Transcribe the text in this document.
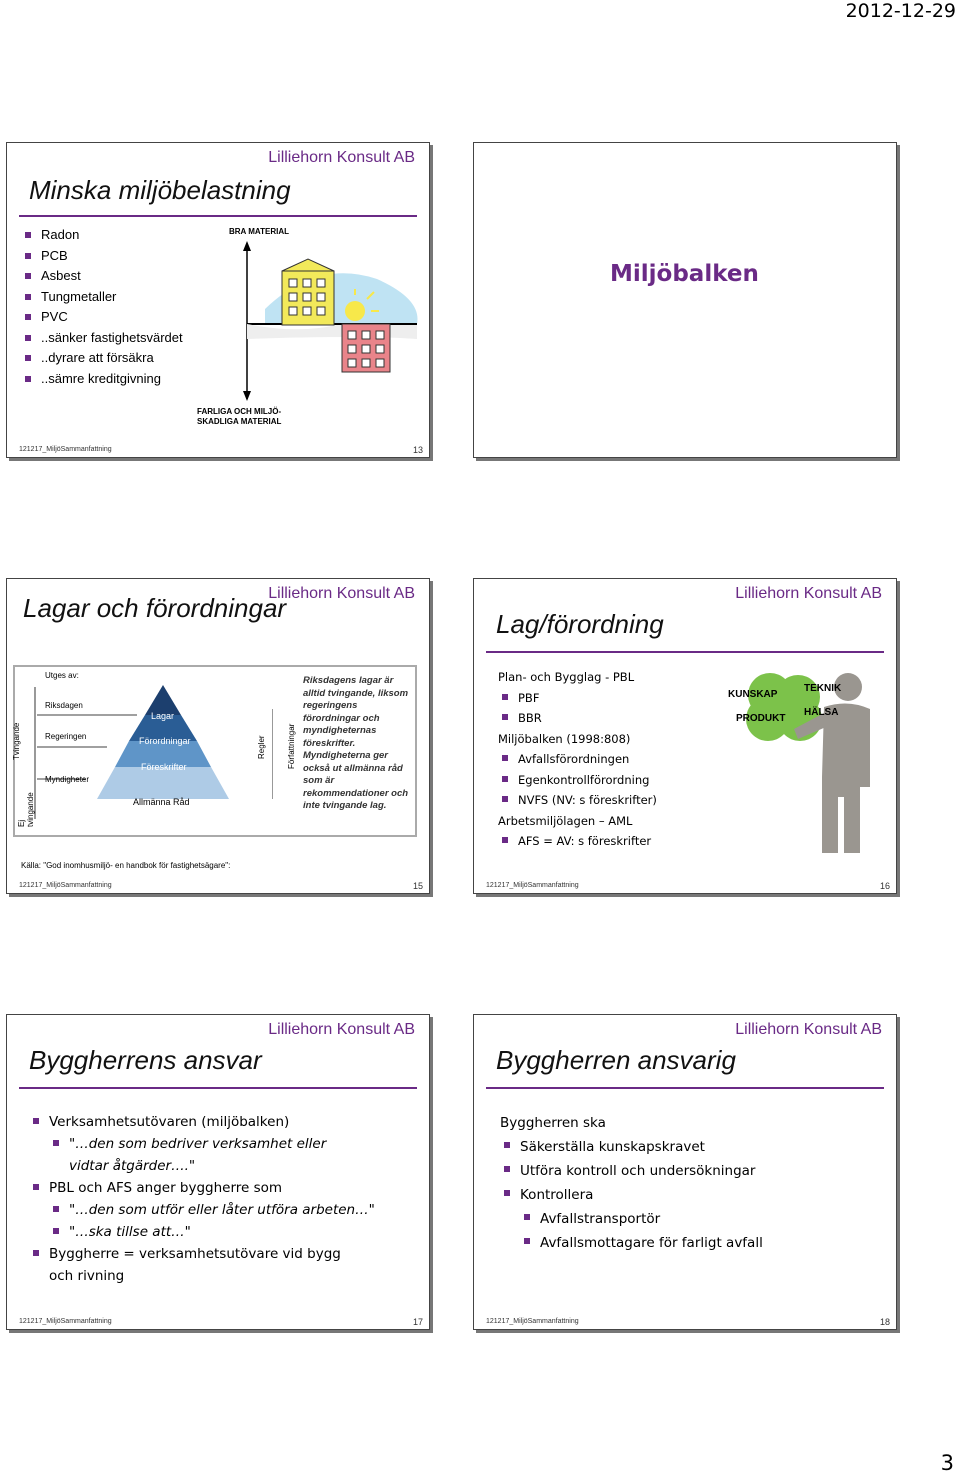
2012-12-29
Lilliehorn Konsult AB
Minska miljöbelastning
Radon
PCB
Asbest
Tungmetaller
PVC
..sänker fastighetsvärdet
..dyrare att försäkra
..sämre kreditgivning
BRA MATERIAL
FARLIGA OCH MILJÖ- SKADLIGA MATERIAL
121217_MiljöSammanfattning	13
Miljöbalken
Lilliehorn Konsult AB
Lagar och förordningar
Utges av:
Riksdagen
Regeringen
Myndigheter
Tvingande
Ej tvingande
Lagar
Förordningar
Föreskrifter
Allmänna Råd
Regler	Författningar
Riksdagens lagar är alltid tvingande, liksom regeringens förordningar och myndigheternas föreskrifter. Myndigheterna ger också ut allmänna råd som är rekommendationer och inte tvingande lag.
Källa: "God inomhusmiljö- en handbok för fastighetsägare":
121217_MiljöSammanfattning	15
Lilliehorn Konsult AB
Lag/förordning
Plan- och Bygglag - PBL
PBF
BBR
Miljöbalken (1998:808)
Avfallsförordningen
Egenkontrollförordning
NVFS (NV: s föreskrifter)
Arbetsmiljölagen – AML
AFS = AV: s föreskrifter
KUNSKAP
PRODUKT
TEKNIK
HÄLSA
121217_MiljöSammanfattning	16
Lilliehorn Konsult AB
Byggherrens ansvar
Verksamhetsutövaren (miljöbalken)
"…den som bedriver verksamhet eller vidtar åtgärder…."
PBL och AFS anger byggherre som
"…den som utför eller låter utföra arbeten…"
"…ska tillse att…"
Byggherre = verksamhetsutövare vid bygg och rivning
121217_MiljöSammanfattning	17
Lilliehorn Konsult AB
Byggherren ansvarig
Byggherren ska
Säkerställa kunskapskravet
Utföra kontroll och undersökningar
Kontrollera
Avfallstransportör
Avfallsmottagare för farligt avfall
121217_MiljöSammanfattning	18
3
